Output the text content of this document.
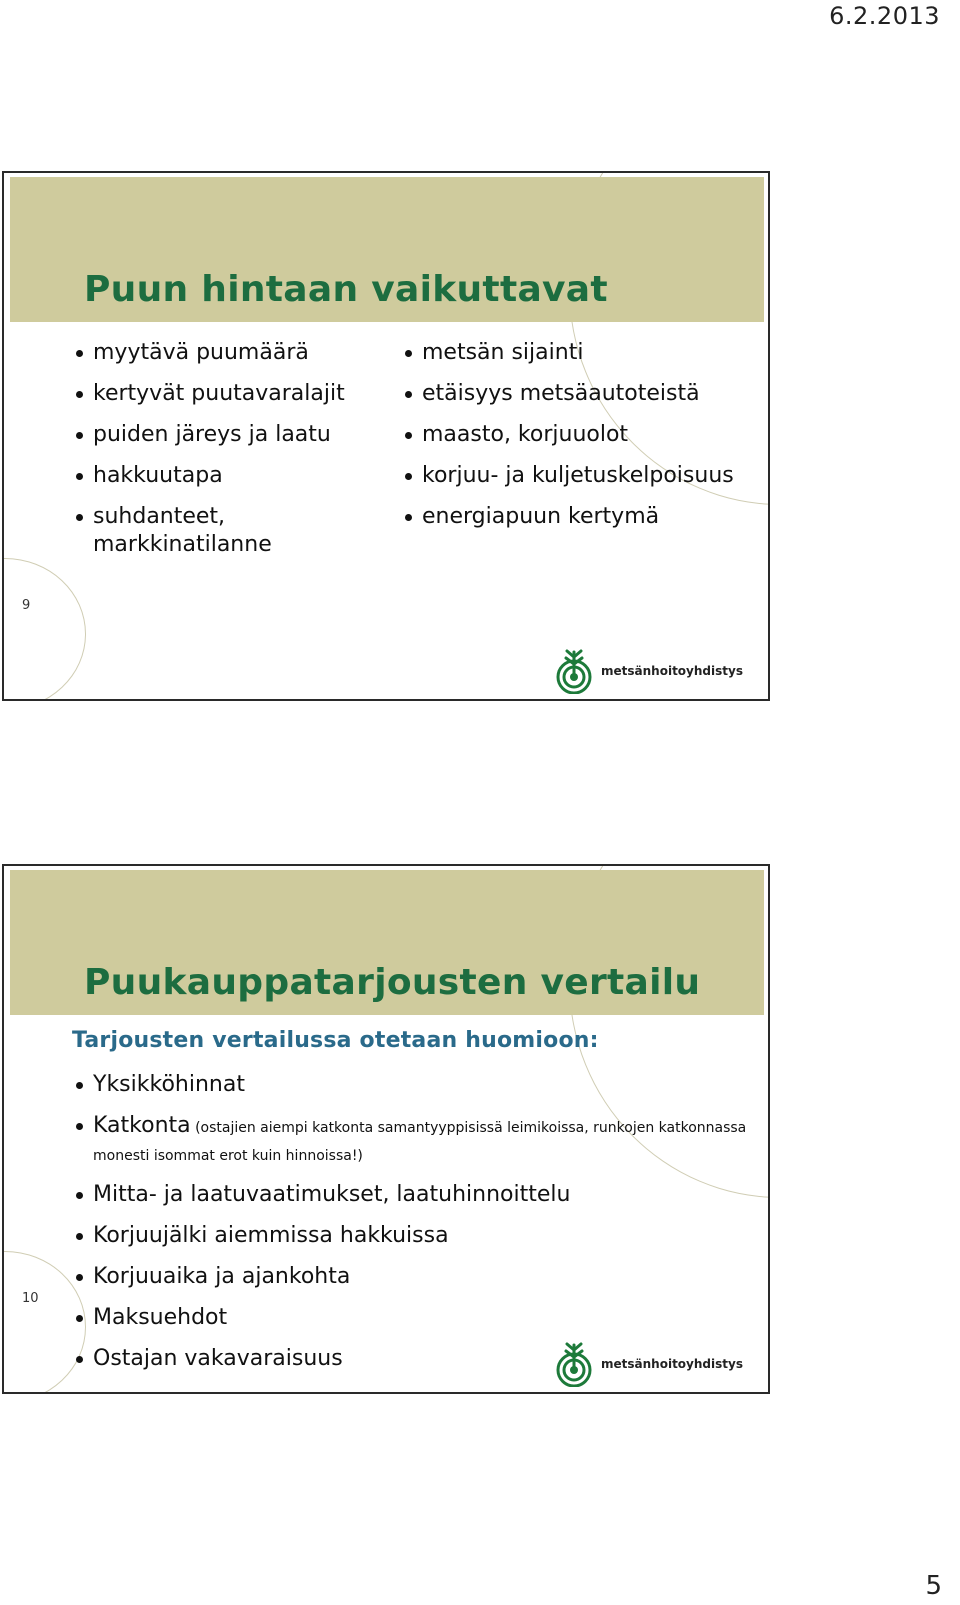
6.2.2013
Puun hintaan vaikuttavat
myytävä puumäärä
kertyvät puutavaralajit
puiden järeys ja laatu
hakkuutapa
suhdanteet, markkinatilanne
metsän sijainti
etäisyys metsäautoteistä
maasto, korjuuolot
korjuu- ja kuljetuskelpoisuus
energiapuun kertymä
9
metsänhoitoyhdistys
Puukauppatarjousten vertailu
Tarjousten vertailussa otetaan huomioon:
Yksikköhinnat
Katkonta (ostajien aiempi katkonta samantyyppisissä leimikoissa, runkojen katkonnassa monesti isommat erot kuin hinnoissa!)
Mitta- ja laatuvaatimukset, laatuhinnoittelu
Korjuujälki aiemmissa hakkuissa
Korjuuaika ja ajankohta
Maksuehdot
Ostajan vakavaraisuus
10
metsänhoitoyhdistys
5
